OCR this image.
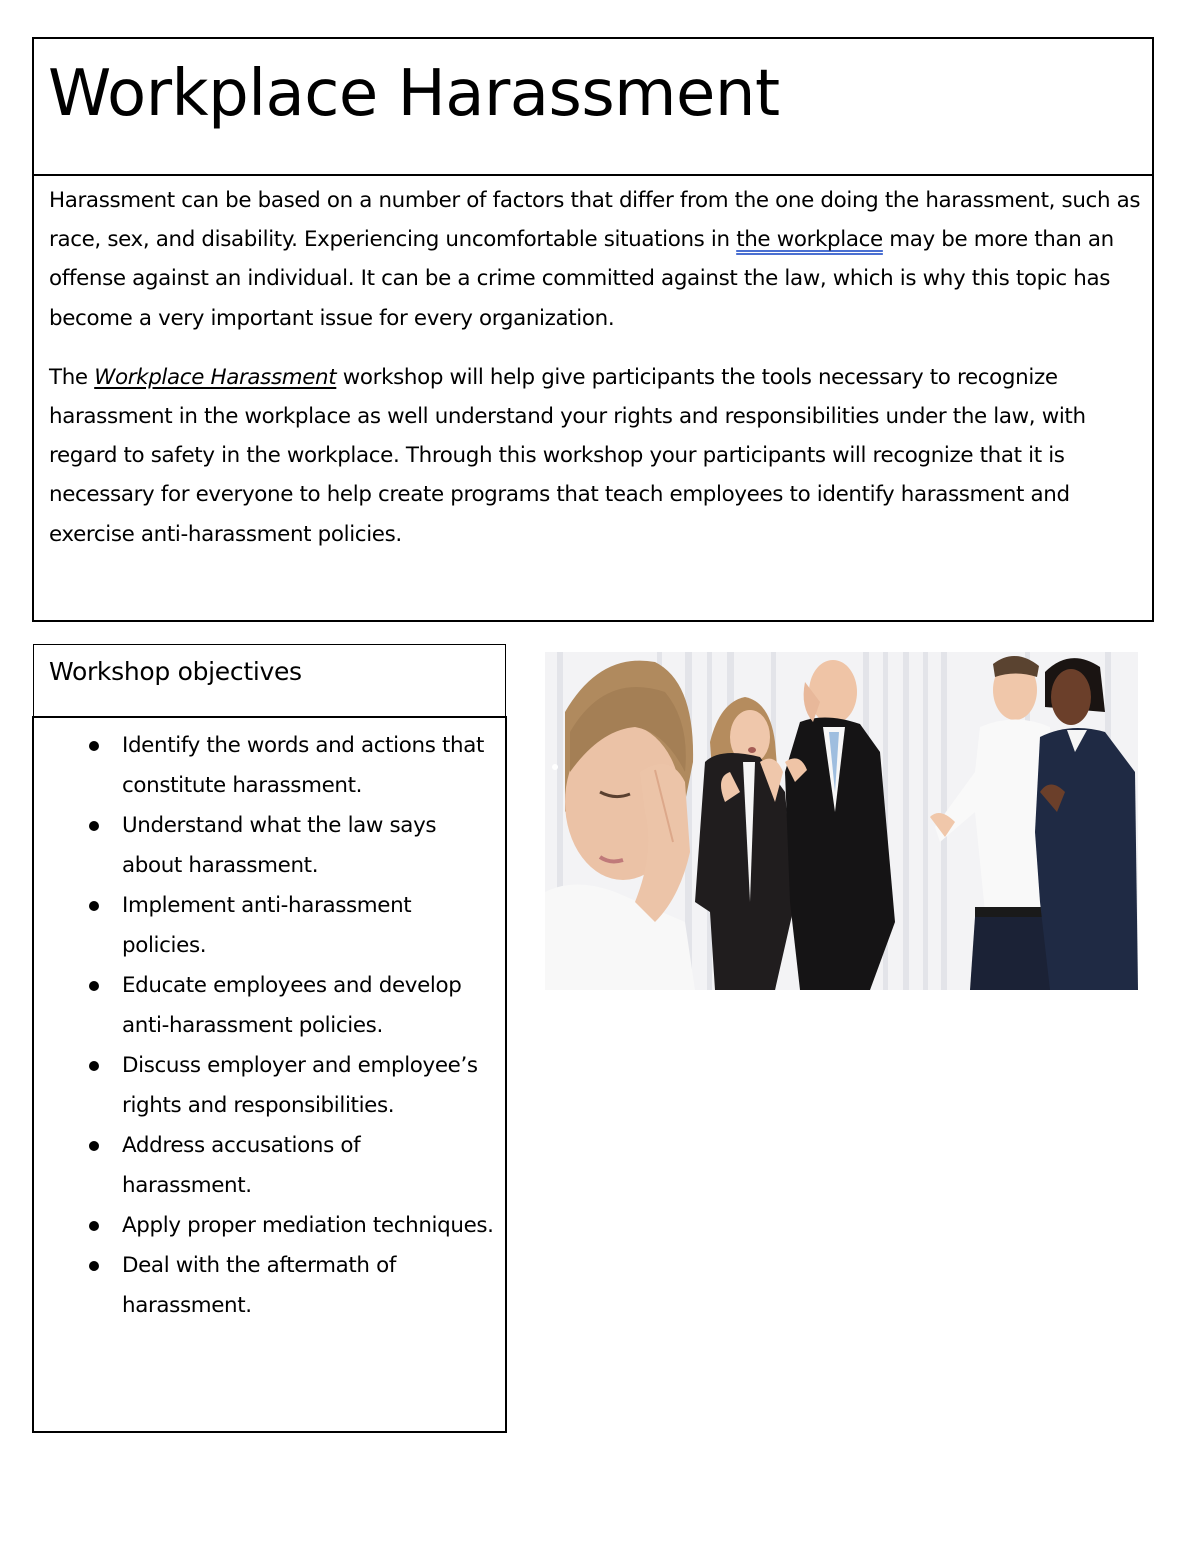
Workplace Harassment

Harassment can be based on a number of factors that differ from the one doing the harassment, such as race, sex, and disability. Experiencing uncomfortable situations in the workplace may be more than an offense against an individual. It can be a crime committed against the law, which is why this topic has become a very important issue for every organization.

The Workplace Harassment workshop will help give participants the tools necessary to recognize harassment in the workplace as well understand your rights and responsibilities under the law, with regard to safety in the workplace. Through this workshop your participants will recognize that it is necessary for everyone to help create programs that teach employees to identify harassment and exercise anti-harassment policies.

Workshop objectives
Identify the words and actions that constitute harassment.
Understand what the law says about harassment.
Implement anti-harassment policies.
Educate employees and develop anti-harassment policies.
Discuss employer and employee’s rights and responsibilities.
Address accusations of harassment.
Apply proper mediation techniques.
Deal with the aftermath of harassment.
